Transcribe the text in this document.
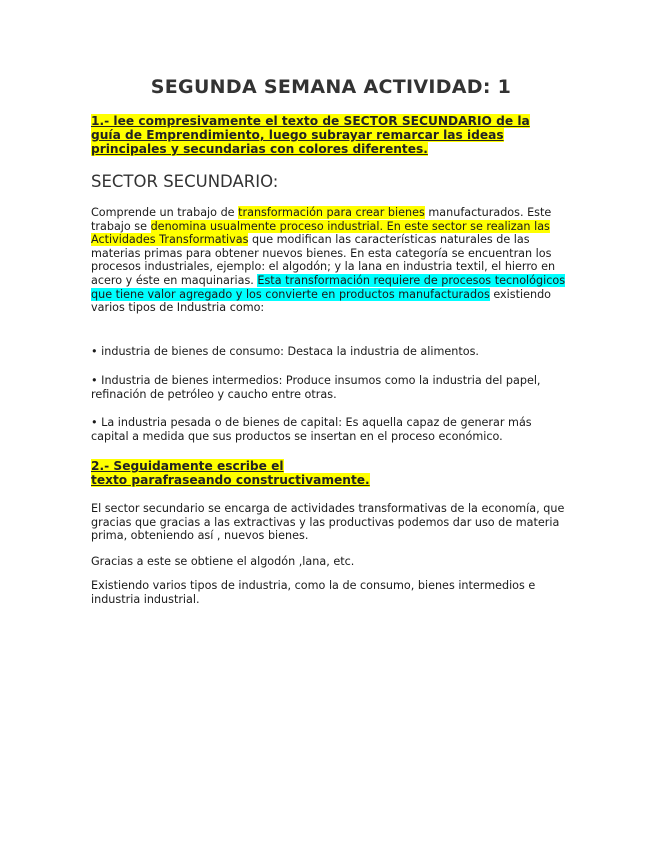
SEGUNDA SEMANA ACTIVIDAD: 1

1.- lee compresivamente el texto de SECTOR SECUNDARIO de la guía de Emprendimiento, luego subrayar remarcar las ideas principales y secundarias con colores diferentes.

SECTOR SECUNDARIO:

Comprende un trabajo de transformación para crear bienes manufacturados. Este trabajo se denomina usualmente proceso industrial. En este sector se realizan las Actividades Transformativas que modifican las características naturales de las materias primas para obtener nuevos bienes. En esta categoría se encuentran los procesos industriales, ejemplo: el algodón; y la lana en industria textil, el hierro en acero y éste en maquinarias. Esta transformación requiere de procesos tecnológicos que tiene valor agregado y los convierte en productos manufacturados existiendo varios tipos de Industria como:

• industria de bienes de consumo: Destaca la industria de alimentos.

• Industria de bienes intermedios: Produce insumos como la industria del papel, refinación de petróleo y caucho entre otras.

• La industria pesada o de bienes de capital: Es aquella capaz de generar más capital a medida que sus productos se insertan en el proceso económico.

2.- Seguidamente escribe el
texto parafraseando constructivamente.

El sector secundario se encarga de actividades transformativas de la economía, que gracias que gracias a las extractivas y las productivas podemos dar uso de materia prima, obteniendo así , nuevos bienes.

Gracias a este se obtiene el algodón ,lana, etc.

Existiendo varios tipos de industria, como la de consumo, bienes intermedios e industria industrial.
